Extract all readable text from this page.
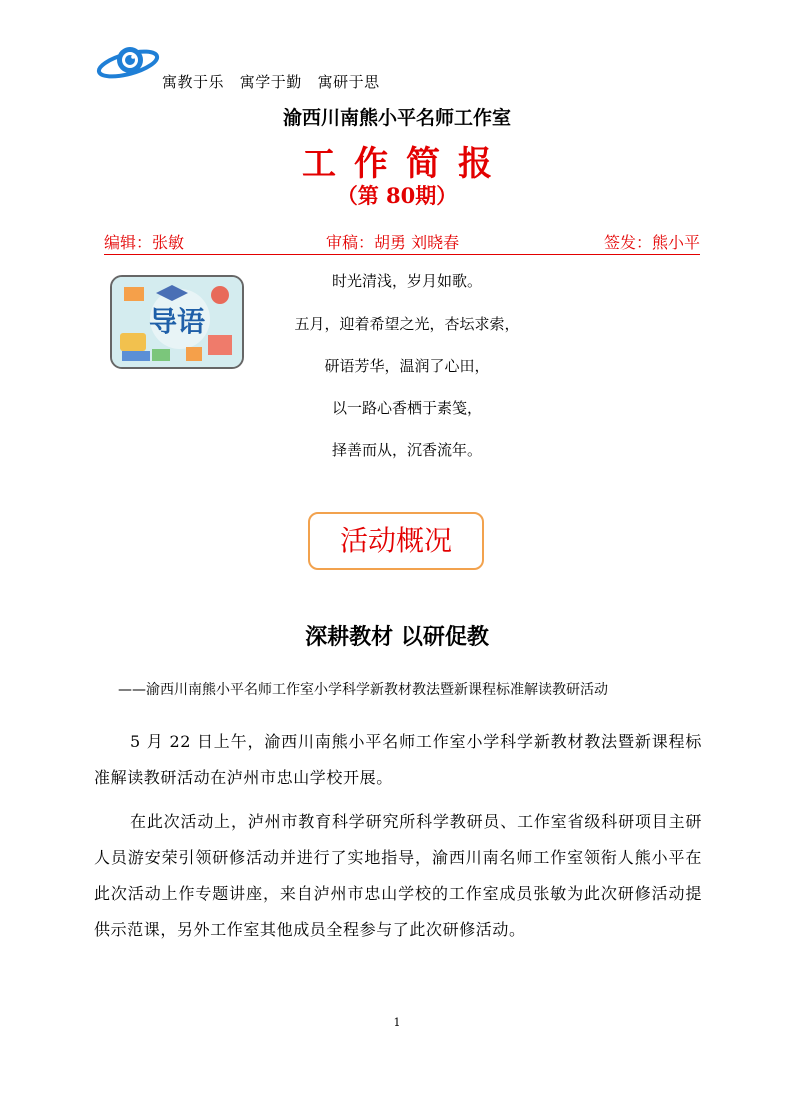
寓教于乐   寓学于勤   寓研于思
渝西川南熊小平名师工作室
工作简报
（第 80期）
编辑：张敏	审稿：胡勇 刘晓春	签发：熊小平
导语
时光清浅，岁月如歌。
五月，迎着希望之光，杏坛求索，
研语芳华，温润了心田，
以一路心香栖于素笺，
择善而从，沉香流年。
活动概况
深耕教材 以研促教
——渝西川南熊小平名师工作室小学科学新教材教法暨新课程标准解读教研活动
5 月 22 日上午，渝西川南熊小平名师工作室小学科学新教材教法暨新课程标准解读教研活动在泸州市忠山学校开展。
在此次活动上，泸州市教育科学研究所科学教研员、工作室省级科研项目主研人员游安荣引领研修活动并进行了实地指导，渝西川南名师工作室领衔人熊小平在此次活动上作专题讲座，来自泸州市忠山学校的工作室成员张敏为此次研修活动提供示范课，另外工作室其他成员全程参与了此次研修活动。
1
